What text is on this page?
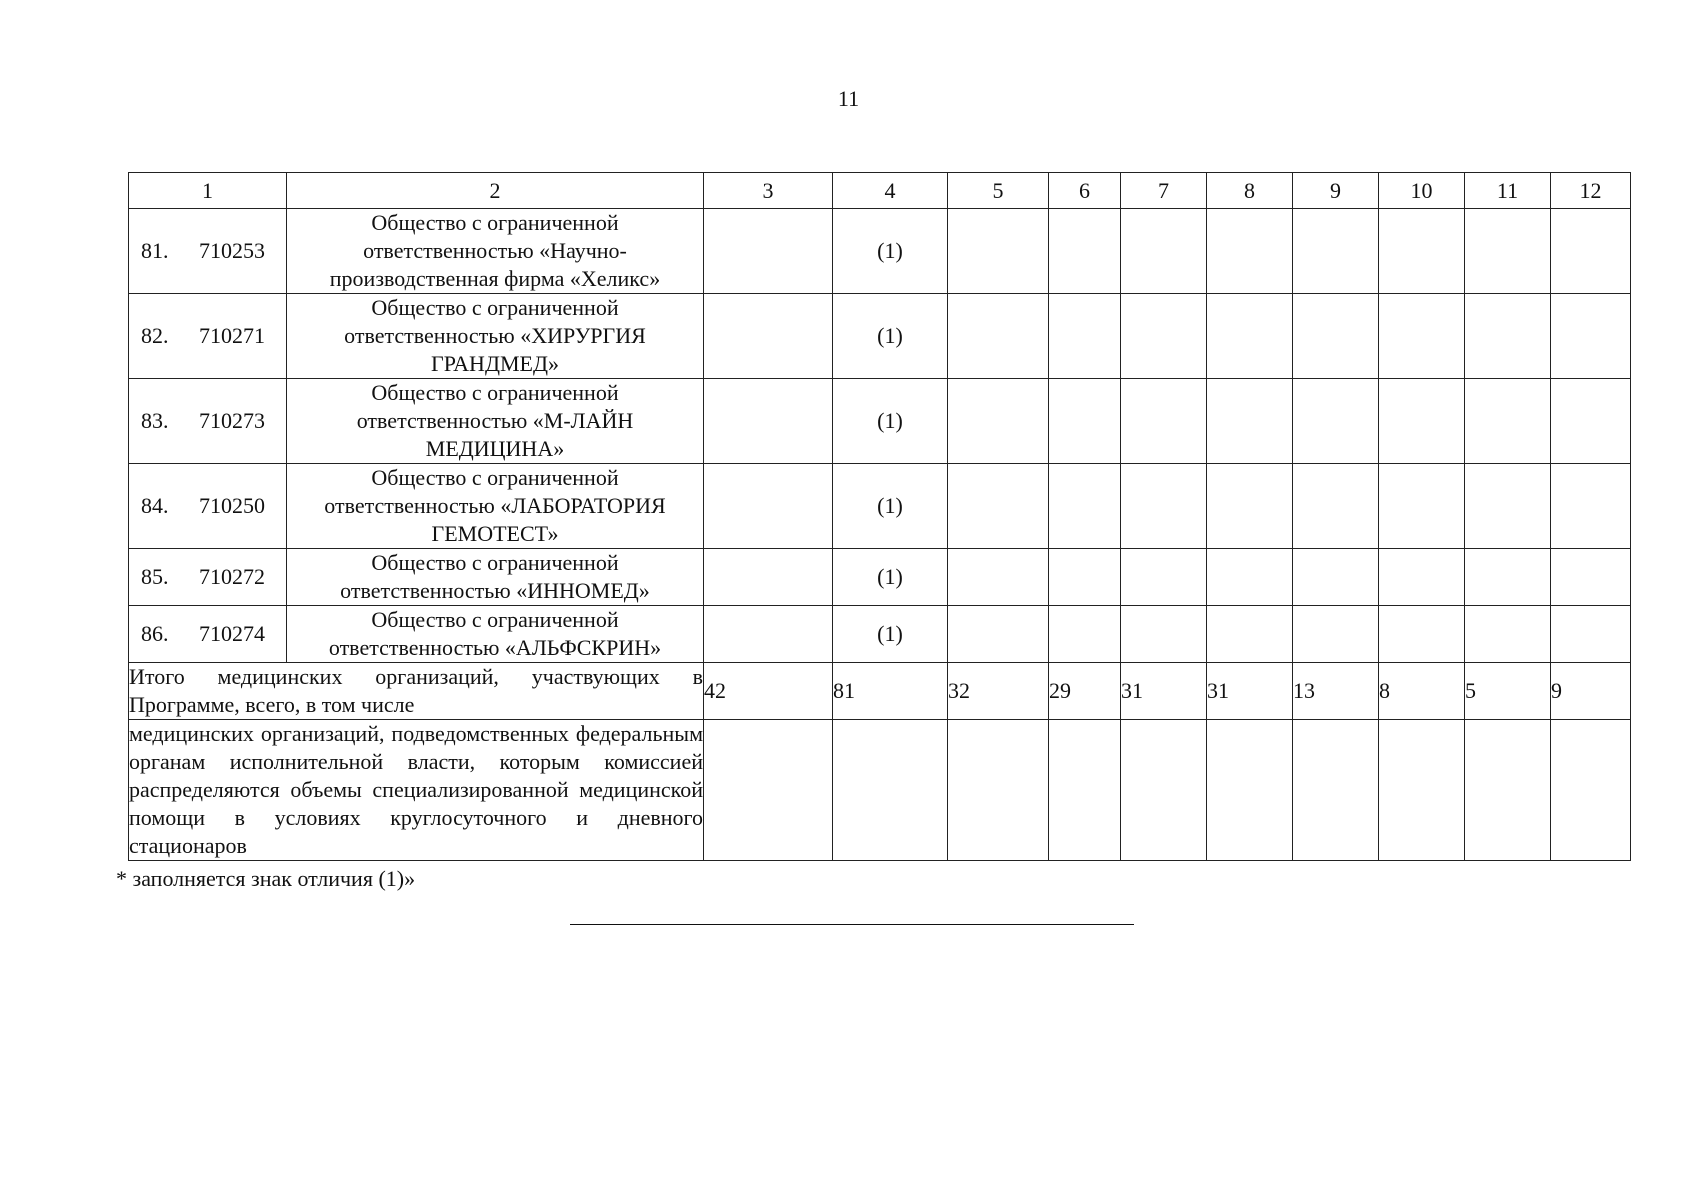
11
1	2	3	4	5	6	7	8	9	10	11	12

81. 710253	Общество с ограниченной ответственностью «Научно-производственная фирма «Хеликс»		(1)								

82. 710271	Общество с ограниченной ответственностью «ХИРУРГИЯ ГРАНДМЕД»		(1)								

83. 710273	Общество с ограниченной ответственностью «М-ЛАЙН МЕДИЦИНА»		(1)								

84. 710250	Общество с ограниченной ответственностью «ЛАБОРАТОРИЯ ГЕМОТЕСТ»		(1)								

85. 710272	Общество с ограниченной ответственностью «ИННОМЕД»		(1)								

86. 710274	Общество с ограниченной ответственностью «АЛЬФСКРИН»		(1)								
Итого медицинских организаций, участвующих в Программе, всего, в том числе		42	81	32	29	31	31	13	8	5	9
медицинских организаций, подведомственных федеральным органам исполнительной власти, которым комиссией распределяются объемы специализированной медицинской помощи в условиях круглосуточного и дневного стационаров											
* заполняется знак отличия (1)»
